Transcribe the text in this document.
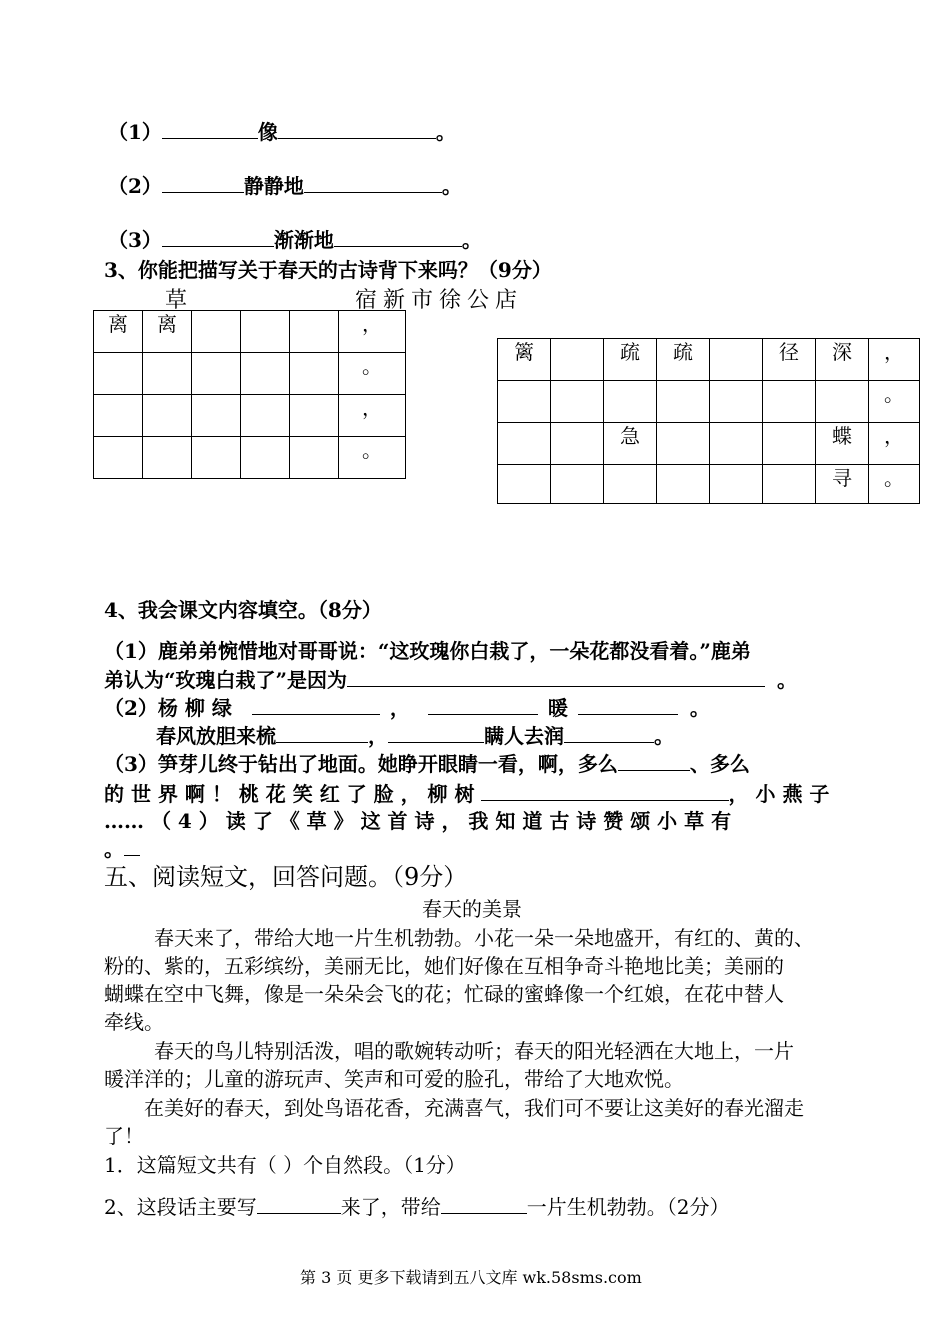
（1）	像	。
（2）	静静地	。
（3）	渐渐地	。
3、你能把描写关于春天的古诗背下来吗？（9分）
草	宿新市徐公店
离	离				，
					。
					，
					。
篱		疏	疏		径	深	，
							。
		急				蝶	，
						寻	。
4、我会课文内容填空。（8分）
（1）鹿弟弟惋惜地对哥哥说：“这玫瑰你白栽了，一朵花都没看着。”鹿弟
弟认为“玫瑰白栽了”是因为	。
（2）杨 柳 绿	，	暖	。
春风放胆来梳	，	瞒人去润	。
（3）笋芽儿终于钻出了地面。她睁开眼睛一看，啊，多么	、多么
的 世 界 啊 ！ 桃 花 笑 红 了 脸 ， 柳 树	， 小 燕 子
…… （ 4 ） 读 了 《 草 》 这 首 诗 ， 我 知 道 古 诗 赞 颂 小 草 有
。
五、阅读短文，回答问题。（9分）
春天的美景
春天来了，带给大地一片生机勃勃。小花一朵一朵地盛开，有红的、黄的、
粉的、紫的，五彩缤纷，美丽无比，她们好像在互相争奇斗艳地比美；美丽的
蝴蝶在空中飞舞，像是一朵朵会飞的花；忙碌的蜜蜂像一个红娘，在花中替人
牵线。
春天的鸟儿特别活泼，唱的歌婉转动听；春天的阳光轻洒在大地上，一片
暖洋洋的；儿童的游玩声、笑声和可爱的脸孔，带给了大地欢悦。
在美好的春天，到处鸟语花香，充满喜气，我们可不要让这美好的春光溜走
了！
1．这篇短文共有（ ）个自然段。（1分）
2、这段话主要写	来了，带给	一片生机勃勃。（2分）
第 3 页 更多下载请到五八文库 wk.58sms.com
